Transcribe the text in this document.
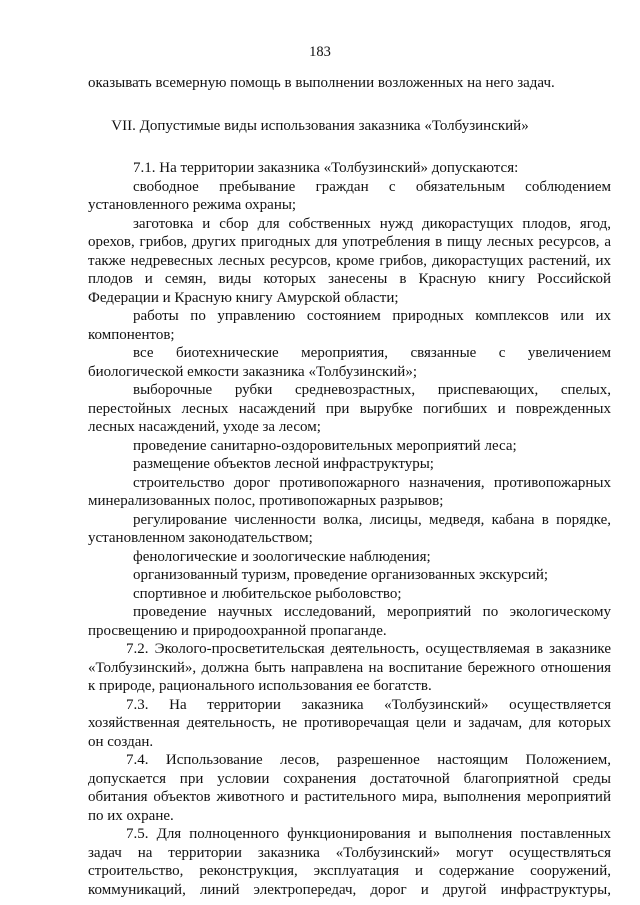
183
оказывать всемерную помощь в выполнении возложенных на него задач.
VII. Допустимые виды использования заказника «Толбузинский»
7.1. На территории заказника «Толбузинский» допускаются:
свободное пребывание граждан с обязательным соблюдением
установленного режима охраны;
заготовка и сбор для собственных нужд дикорастущих плодов, ягод,
орехов, грибов, других пригодных для употребления в пищу лесных ресурсов, а
также недревесных лесных ресурсов, кроме грибов, дикорастущих растений, их
плодов и семян, виды которых занесены в Красную книгу Российской
Федерации и Красную книгу Амурской области;
работы по управлению состоянием природных комплексов или их
компонентов;
все биотехнические мероприятия, связанные с увеличением
биологической емкости заказника «Толбузинский»;
выборочные рубки средневозрастных, приспевающих, спелых,
перестойных лесных насаждений при вырубке погибших и поврежденных
лесных насаждений, уходе за лесом;
проведение санитарно-оздоровительных мероприятий леса;
размещение объектов лесной инфраструктуры;
строительство дорог противопожарного назначения, противопожарных
минерализованных полос, противопожарных разрывов;
регулирование численности волка, лисицы, медведя, кабана в порядке,
установленном законодательством;
фенологические и зоологические наблюдения;
организованный туризм, проведение организованных экскурсий;
спортивное и любительское рыболовство;
проведение научных исследований, мероприятий по экологическому
просвещению и природоохранной пропаганде.
7.2. Эколого-просветительская деятельность, осуществляемая в заказнике
«Толбузинский», должна быть направлена на воспитание бережного отношения
к природе, рационального использования ее богатств.
7.3. На территории заказника «Толбузинский» осуществляется
хозяйственная деятельность, не противоречащая цели и задачам, для которых
он создан.
7.4. Использование лесов, разрешенное настоящим Положением,
допускается при условии сохранения достаточной благоприятной среды
обитания объектов животного и растительного мира, выполнения мероприятий
по их охране.
7.5. Для полноценного функционирования и выполнения поставленных
задач на территории заказника «Толбузинский» могут осуществляться
строительство, реконструкция, эксплуатация и содержание сооружений,
коммуникаций, линий электропередач, дорог и другой инфраструктуры,
